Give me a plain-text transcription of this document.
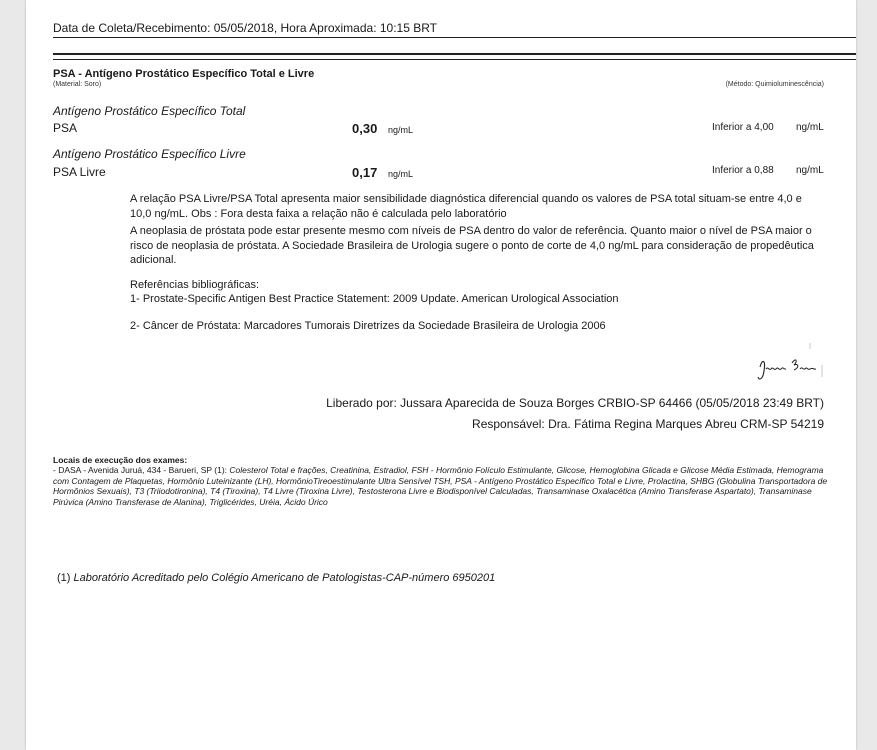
Data de Coleta/Recebimento: 05/05/2018, Hora Aproximada: 10:15 BRT
PSA - Antígeno Prostático Específico Total e Livre
(Material: Soro)	(Método: Quimioluminescência)
Antígeno Prostático Específico Total
PSA	0,30 ng/mL	Inferior a 4,00 ng/mL
Antígeno Prostático Específico Livre
PSA Livre	0,17 ng/mL	Inferior a 0,88 ng/mL
A relação PSA Livre/PSA Total apresenta maior sensibilidade diagnóstica diferencial quando os valores de PSA total situam-se entre 4,0 e 10,0 ng/mL. Obs : Fora desta faixa a relação não é calculada pelo laboratório
A neoplasia de próstata pode estar presente mesmo com níveis de PSA dentro do valor de referência. Quanto maior o nível de PSA maior o risco de neoplasia de próstata. A Sociedade Brasileira de Urologia sugere o ponto de corte de 4,0 ng/mL para consideração de propedêutica adicional.
Referências bibliográficas:
1- Prostate-Specific Antigen Best Practice Statement: 2009 Update. American Urological Association
2- Câncer de Próstata: Marcadores Tumorais Diretrizes da Sociedade Brasileira de Urologia 2006
Liberado por: Jussara Aparecida de Souza Borges CRBIO-SP 64466 (05/05/2018 23:49 BRT)
Responsável: Dra. Fátima Regina Marques Abreu CRM-SP 54219
Locais de execução dos exames:
- DASA - Avenida Juruá, 434 - Barueri, SP (1): Colesterol Total e frações, Creatinina, Estradiol, FSH - Hormônio Folículo Estimulante, Glicose, Hemoglobina Glicada e Glicose Média Estimada, Hemograma com Contagem de Plaquetas, Hormônio Luteinizante (LH), HormônioTireoestimulante Ultra Sensível TSH, PSA - Antígeno Prostático Específico Total e Livre, Prolactina, SHBG (Globulina Transportadora de Hormônios Sexuais), T3 (Triiodotironina), T4 (Tiroxina), T4 Livre (Tiroxina Livre), Testosterona Livre e Biodisponível Calculadas, Transaminase Oxalacética (Amino Transferase Aspartato), Transaminase Pirúvica (Amino Transferase de Alanina), Triglicérides, Uréia, Ácido Úrico
(1) Laboratório Acreditado pelo Colégio Americano de Patologistas-CAP-número 6950201
